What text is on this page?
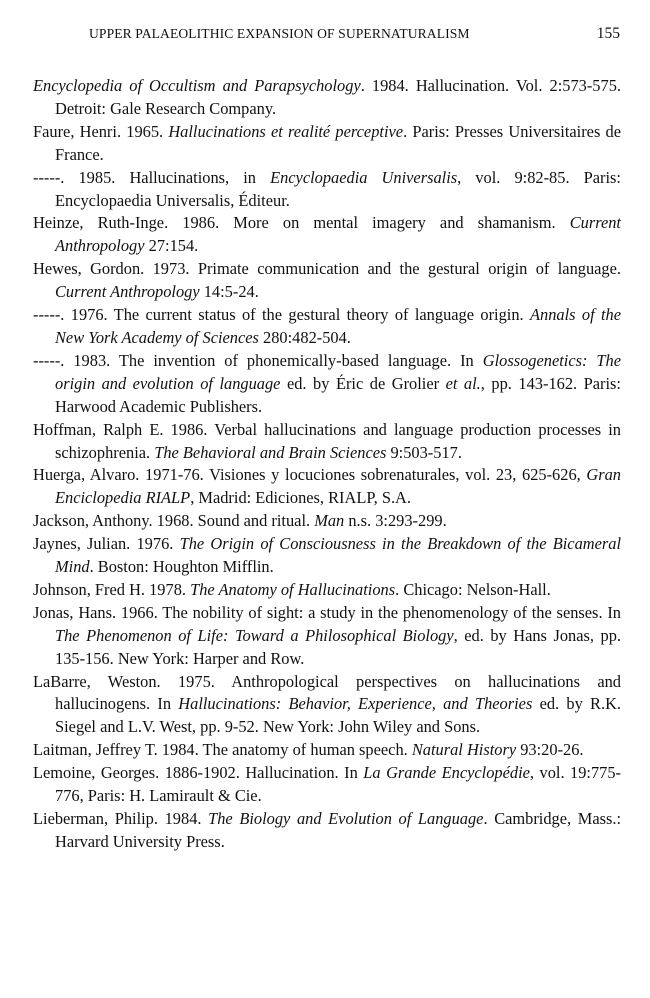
UPPER PALAEOLITHIC EXPANSION OF SUPERNATURALISM	155
Encyclopedia of Occultism and Parapsychology. 1984. Hallucination. Vol. 2:573-575. Detroit: Gale Research Company.
Faure, Henri. 1965. Hallucinations et realité perceptive. Paris: Presses Universitaires de France.
-----. 1985. Hallucinations, in Encyclopaedia Universalis, vol. 9:82-85. Paris: Encyclopaedia Universalis, Éditeur.
Heinze, Ruth-Inge. 1986. More on mental imagery and shamanism. Current Anthropology 27:154.
Hewes, Gordon. 1973. Primate communication and the gestural origin of language. Current Anthropology 14:5-24.
-----. 1976. The current status of the gestural theory of language origin. Annals of the New York Academy of Sciences 280:482-504.
-----. 1983. The invention of phonemically-based language. In Glossogenetics: The origin and evolution of language ed. by Éric de Grolier et al., pp. 143-162. Paris: Harwood Academic Publishers.
Hoffman, Ralph E. 1986. Verbal hallucinations and language production processes in schizophrenia. The Behavioral and Brain Sciences 9:503-517.
Huerga, Alvaro. 1971-76. Visiones y locuciones sobrenaturales, vol. 23, 625-626, Gran Enciclopedia RIALP, Madrid: Ediciones, RIALP, S.A.
Jackson, Anthony. 1968. Sound and ritual. Man n.s. 3:293-299.
Jaynes, Julian. 1976. The Origin of Consciousness in the Breakdown of the Bicameral Mind. Boston: Houghton Mifflin.
Johnson, Fred H. 1978. The Anatomy of Hallucinations. Chicago: Nelson-Hall.
Jonas, Hans. 1966. The nobility of sight: a study in the phenomenology of the senses. In The Phenomenon of Life: Toward a Philosophical Biology, ed. by Hans Jonas, pp. 135-156. New York: Harper and Row.
LaBarre, Weston. 1975. Anthropological perspectives on hallucinations and hallucinogens. In Hallucinations: Behavior, Experience, and Theories ed. by R.K. Siegel and L.V. West, pp. 9-52. New York: John Wiley and Sons.
Laitman, Jeffrey T. 1984. The anatomy of human speech. Natural History 93:20-26.
Lemoine, Georges. 1886-1902. Hallucination. In La Grande Encyclopédie, vol. 19:775-776, Paris: H. Lamirault & Cie.
Lieberman, Philip. 1984. The Biology and Evolution of Language. Cambridge, Mass.: Harvard University Press.
